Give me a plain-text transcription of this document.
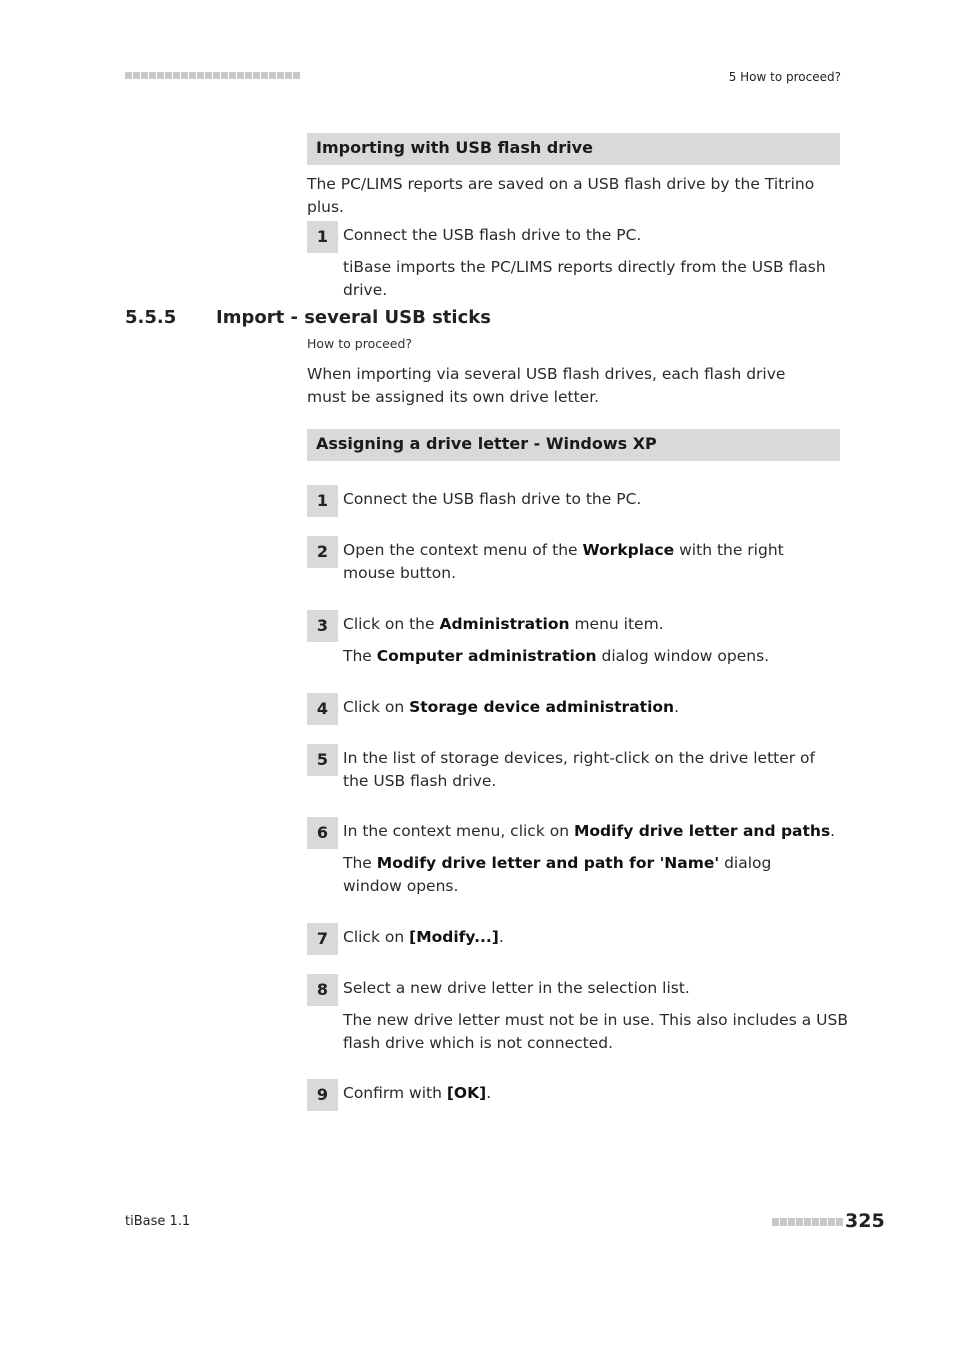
5 How to proceed?
Importing with USB flash drive
The PC/LIMS reports are saved on a USB flash drive by the Titrino plus.
1 Connect the USB flash drive to the PC.
tiBase imports the PC/LIMS reports directly from the USB flash drive.
5.5.5 Import - several USB sticks
How to proceed?
When importing via several USB flash drives, each flash drive must be assigned its own drive letter.
Assigning a drive letter - Windows XP
1 Connect the USB flash drive to the PC.
2 Open the context menu of the Workplace with the right mouse button.
3 Click on the Administration menu item.
The Computer administration dialog window opens.
4 Click on Storage device administration.
5 In the list of storage devices, right-click on the drive letter of the USB flash drive.
6 In the context menu, click on Modify drive letter and paths.
The Modify drive letter and path for 'Name' dialog window opens.
7 Click on [Modify...].
8 Select a new drive letter in the selection list.
The new drive letter must not be in use. This also includes a USB flash drive which is not connected.
9 Confirm with [OK].
tiBase 1.1	325
